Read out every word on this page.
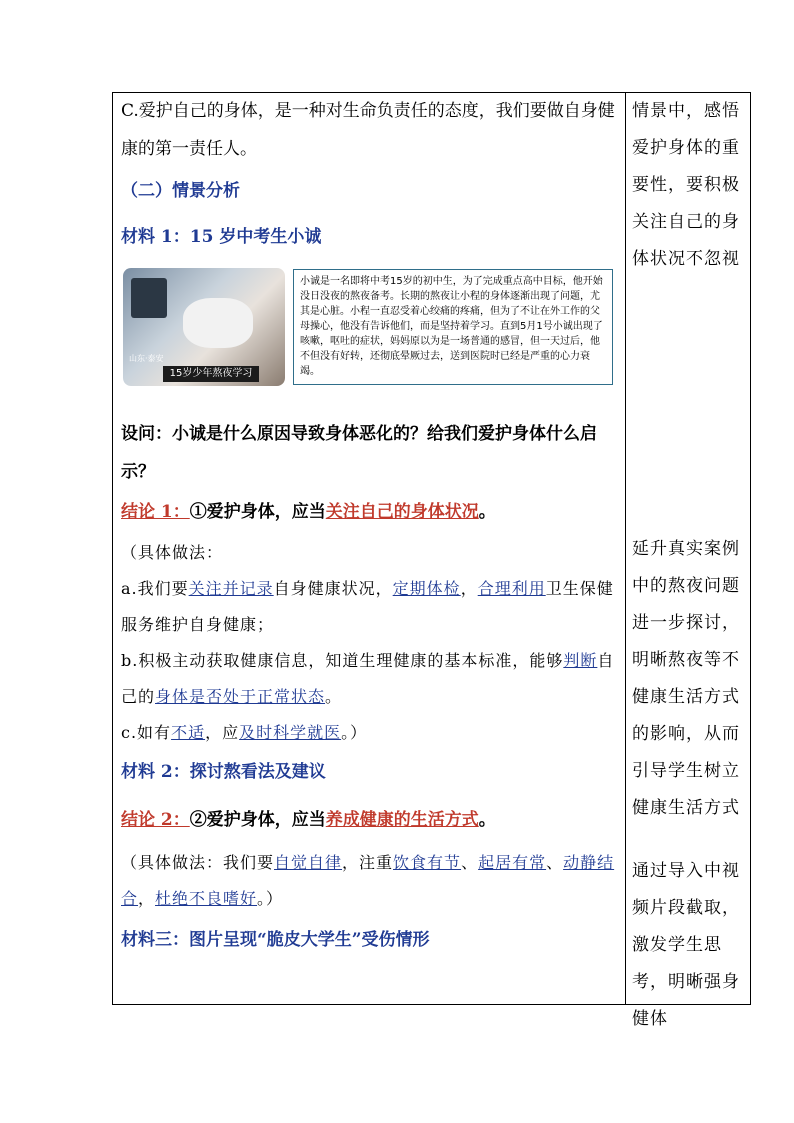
C.爱护自己的身体，是一种对生命负责任的态度，我们要做自身健康的第一责任人。

（二）情景分析

材料 1：15 岁中考生小诚

山东·泰安
15岁少年熬夜学习
小诚是一名即将中考15岁的初中生，为了完成重点高中目标，他开始没日没夜的熬夜备考。长期的熬夜让小程的身体逐渐出现了问题，尤其是心脏。小程一直忍受着心绞痛的疼痛，但为了不让在外工作的父母操心，他没有告诉他们，而是坚持着学习。直到5月1号小诚出现了咳嗽，呕吐的症状，妈妈原以为是一场普通的感冒，但一天过后，他不但没有好转，还彻底晕厥过去，送到医院时已经是严重的心力衰竭。

设问：小诚是什么原因导致身体恶化的？给我们爱护身体什么启示？

结论 1：①爱护身体，应当关注自己的身体状况。

（具体做法：

a.我们要关注并记录自身健康状况，定期体检，合理利用卫生保健服务维护自身健康；

b.积极主动获取健康信息，知道生理健康的基本标准，能够判断自己的身体是否处于正常状态。

c.如有不适，应及时科学就医。）

材料 2：探讨熬看法及建议

结论 2：②爱护身体，应当养成健康的生活方式。

（具体做法：我们要自觉自律，注重饮食有节、起居有常、动静结合，杜绝不良嗜好。）

材料三：图片呈现“脆皮大学生”受伤情形

情景中，感悟爱护身体的重要性，要积极关注自己的身体状况不忽视

延升真实案例中的熬夜问题进一步探讨，明晰熬夜等不健康生活方式的影响，从而引导学生树立健康生活方式

通过导入中视频片段截取，激发学生思考，明晰强身健体
